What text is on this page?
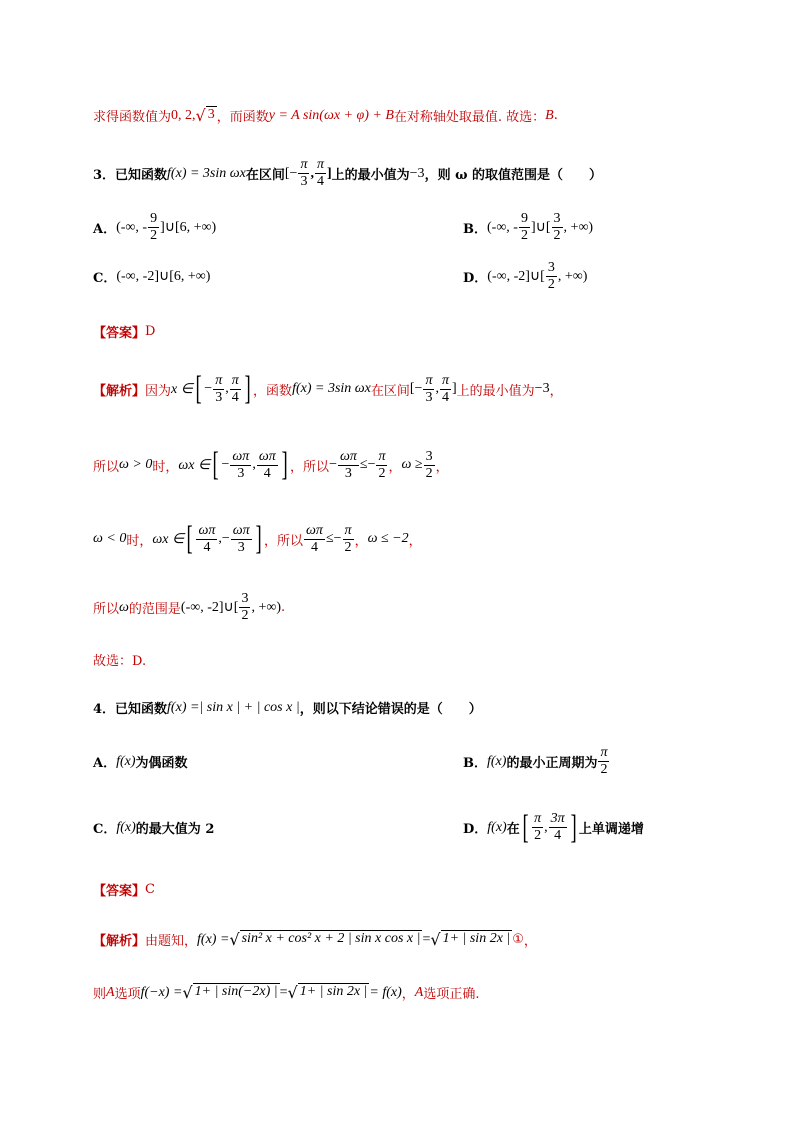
求得函数值为 0, 2, √ 3 ，而函数 y = A sin(ωx + φ) + B 在对称轴处取最值. 故选： B .
3．已知函数 f(x) = 3sin ωx 在区间 [− $\frac{\pi}{3}$ , $\frac{\pi}{4}$ ] 上的最小值为 −3 ，则 ω 的取值范围是（　　）
A． (-∞, - $\frac{9}{2}$ ]∪[6, +∞)	B． (-∞, - $\frac{9}{2}$ ]∪[ $\frac{3}{2}$ , +∞)
C． (-∞, -2]∪[6, +∞)	D． (-∞, -2]∪[ $\frac{3}{2}$ , +∞)
【答案】 D
【解析】 因为 x ∈ [ − $\frac{\pi}{3}$ , $\frac{\pi}{4}$ ] ，函数 f(x) = 3sin ωx 在区间 [− $\frac{\pi}{3}$ , $\frac{\pi}{4}$ ] 上的最小值为 −3 ，
所以 ω > 0 时， ωx ∈ [ − $\frac{\omega\pi}{3}$ , $\frac{\omega\pi}{4}$ ] ，所以 − $\frac{\omega\pi}{3}$ ≤ − $\frac{\pi}{2}$ ， $\omega \ge \frac{3}{2}$ ，
ω < 0 时， ωx ∈ [ $\frac{\omega\pi}{4}$ , − $\frac{\omega\pi}{3}$ ] ，所以 $\frac{\omega\pi}{4}$ ≤ − $\frac{\pi}{2}$ ， ω ≤ −2 ，
所以 ω 的范围是 (-∞, -2]∪[ $\frac{3}{2}$ , +∞) .
故选：D.
4．已知函数 f(x) =| sin x | + | cos x | ，则以下结论错误的是（　　）
A． f(x) 为偶函数	B． f(x) 的最小正周期为 $\frac{\pi}{2}$
C． f(x) 的最大值为 2	D． f(x) 在 [ $\frac{\pi}{2}$ , $\frac{3\pi}{4}$ ] 上单调递增
【答案】 C
【解析】 由题知， f(x) = √ sin² x + cos² x + 2 | sin x cos x | = √ 1+ | sin 2x | ① ，
则 A 选项 f(−x) = √ 1+ | sin(−2x) | = √ 1+ | sin 2x | = f(x) ， A 选项正确.
